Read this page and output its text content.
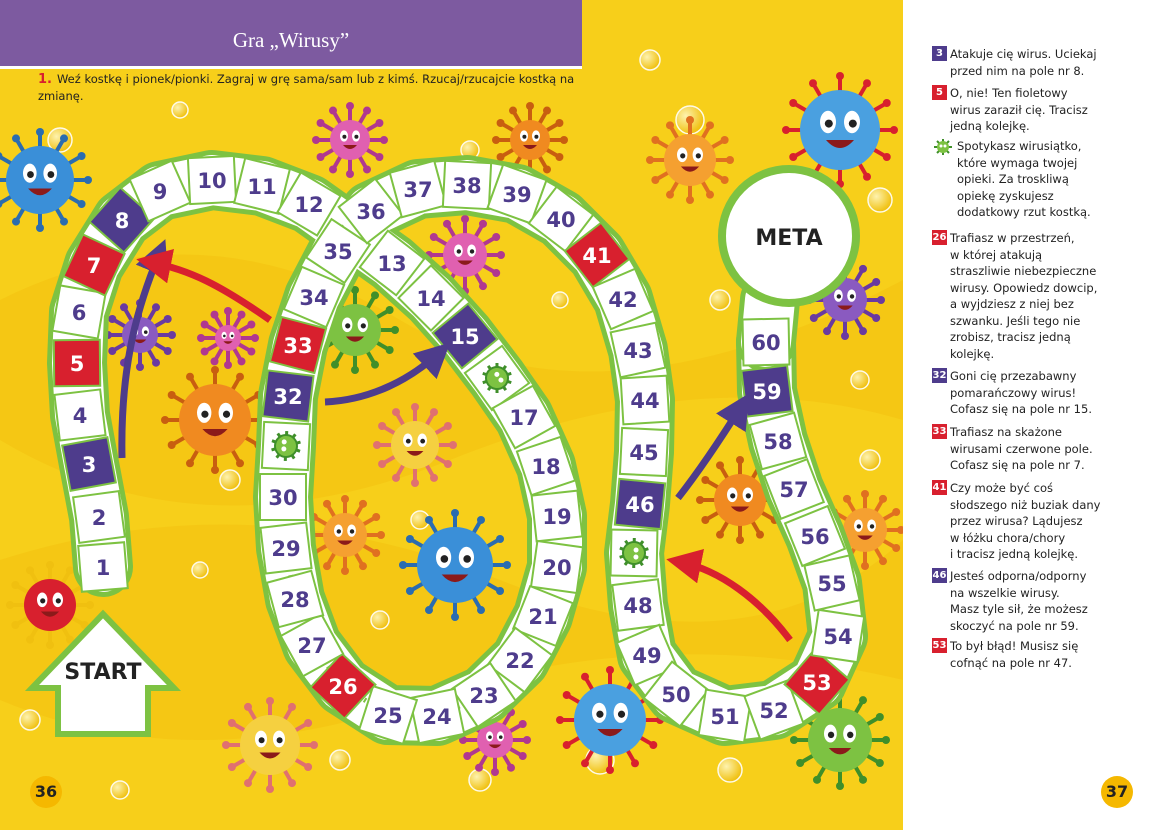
1
2
3
4
5
6
7
8
9 10 11
12
13
14
15
17
18
19
20
21
22
23
24
25
26
27
28
29
30
32
33
34
35
36
37 38 39
40
41
42
43
44
45
46
48
49
50
51 52
53
54
55
56
57
58
59
60
START
META
Gra „Wirusy”
1. Weź kostkę i pionek/pionki. Zagraj w grę sama/sam lub z kimś. Rzucaj/rzucajcie kostką na zmianę.
36
3 Atakuje cię wirus. Uciekaj
przed nim na pole nr 8.
5 O, nie! Ten fioletowy
wirus zaraził cię. Tracisz
jedną kolejkę.
Spotykasz wirusiątko,
które wymaga twojej
opieki. Za troskliwą
opiekę zyskujesz
dodatkowy rzut kostką.
26 Trafiasz w przestrzeń,
w której atakują
straszliwie niebezpieczne
wirusy. Opowiedz dowcip,
a wyjdziesz z niej bez
szwanku. Jeśli tego nie
zrobisz, tracisz jedną
kolejkę.
32 Goni cię przezabawny
pomarańczowy wirus!
Cofasz się na pole nr 15.
33 Trafiasz na skażone
wirusami czerwone pole.
Cofasz się na pole nr 7.
41 Czy może być coś
słodszego niż buziak dany
przez wirusa? Lądujesz
w łóżku chora/chory
i tracisz jedną kolejkę.
46 Jesteś odporna/odporny
na wszelkie wirusy.
Masz tyle sił, że możesz
skoczyć na pole nr 59.
53 To był błąd! Musisz się
cofnąć na pole nr 47.
37
